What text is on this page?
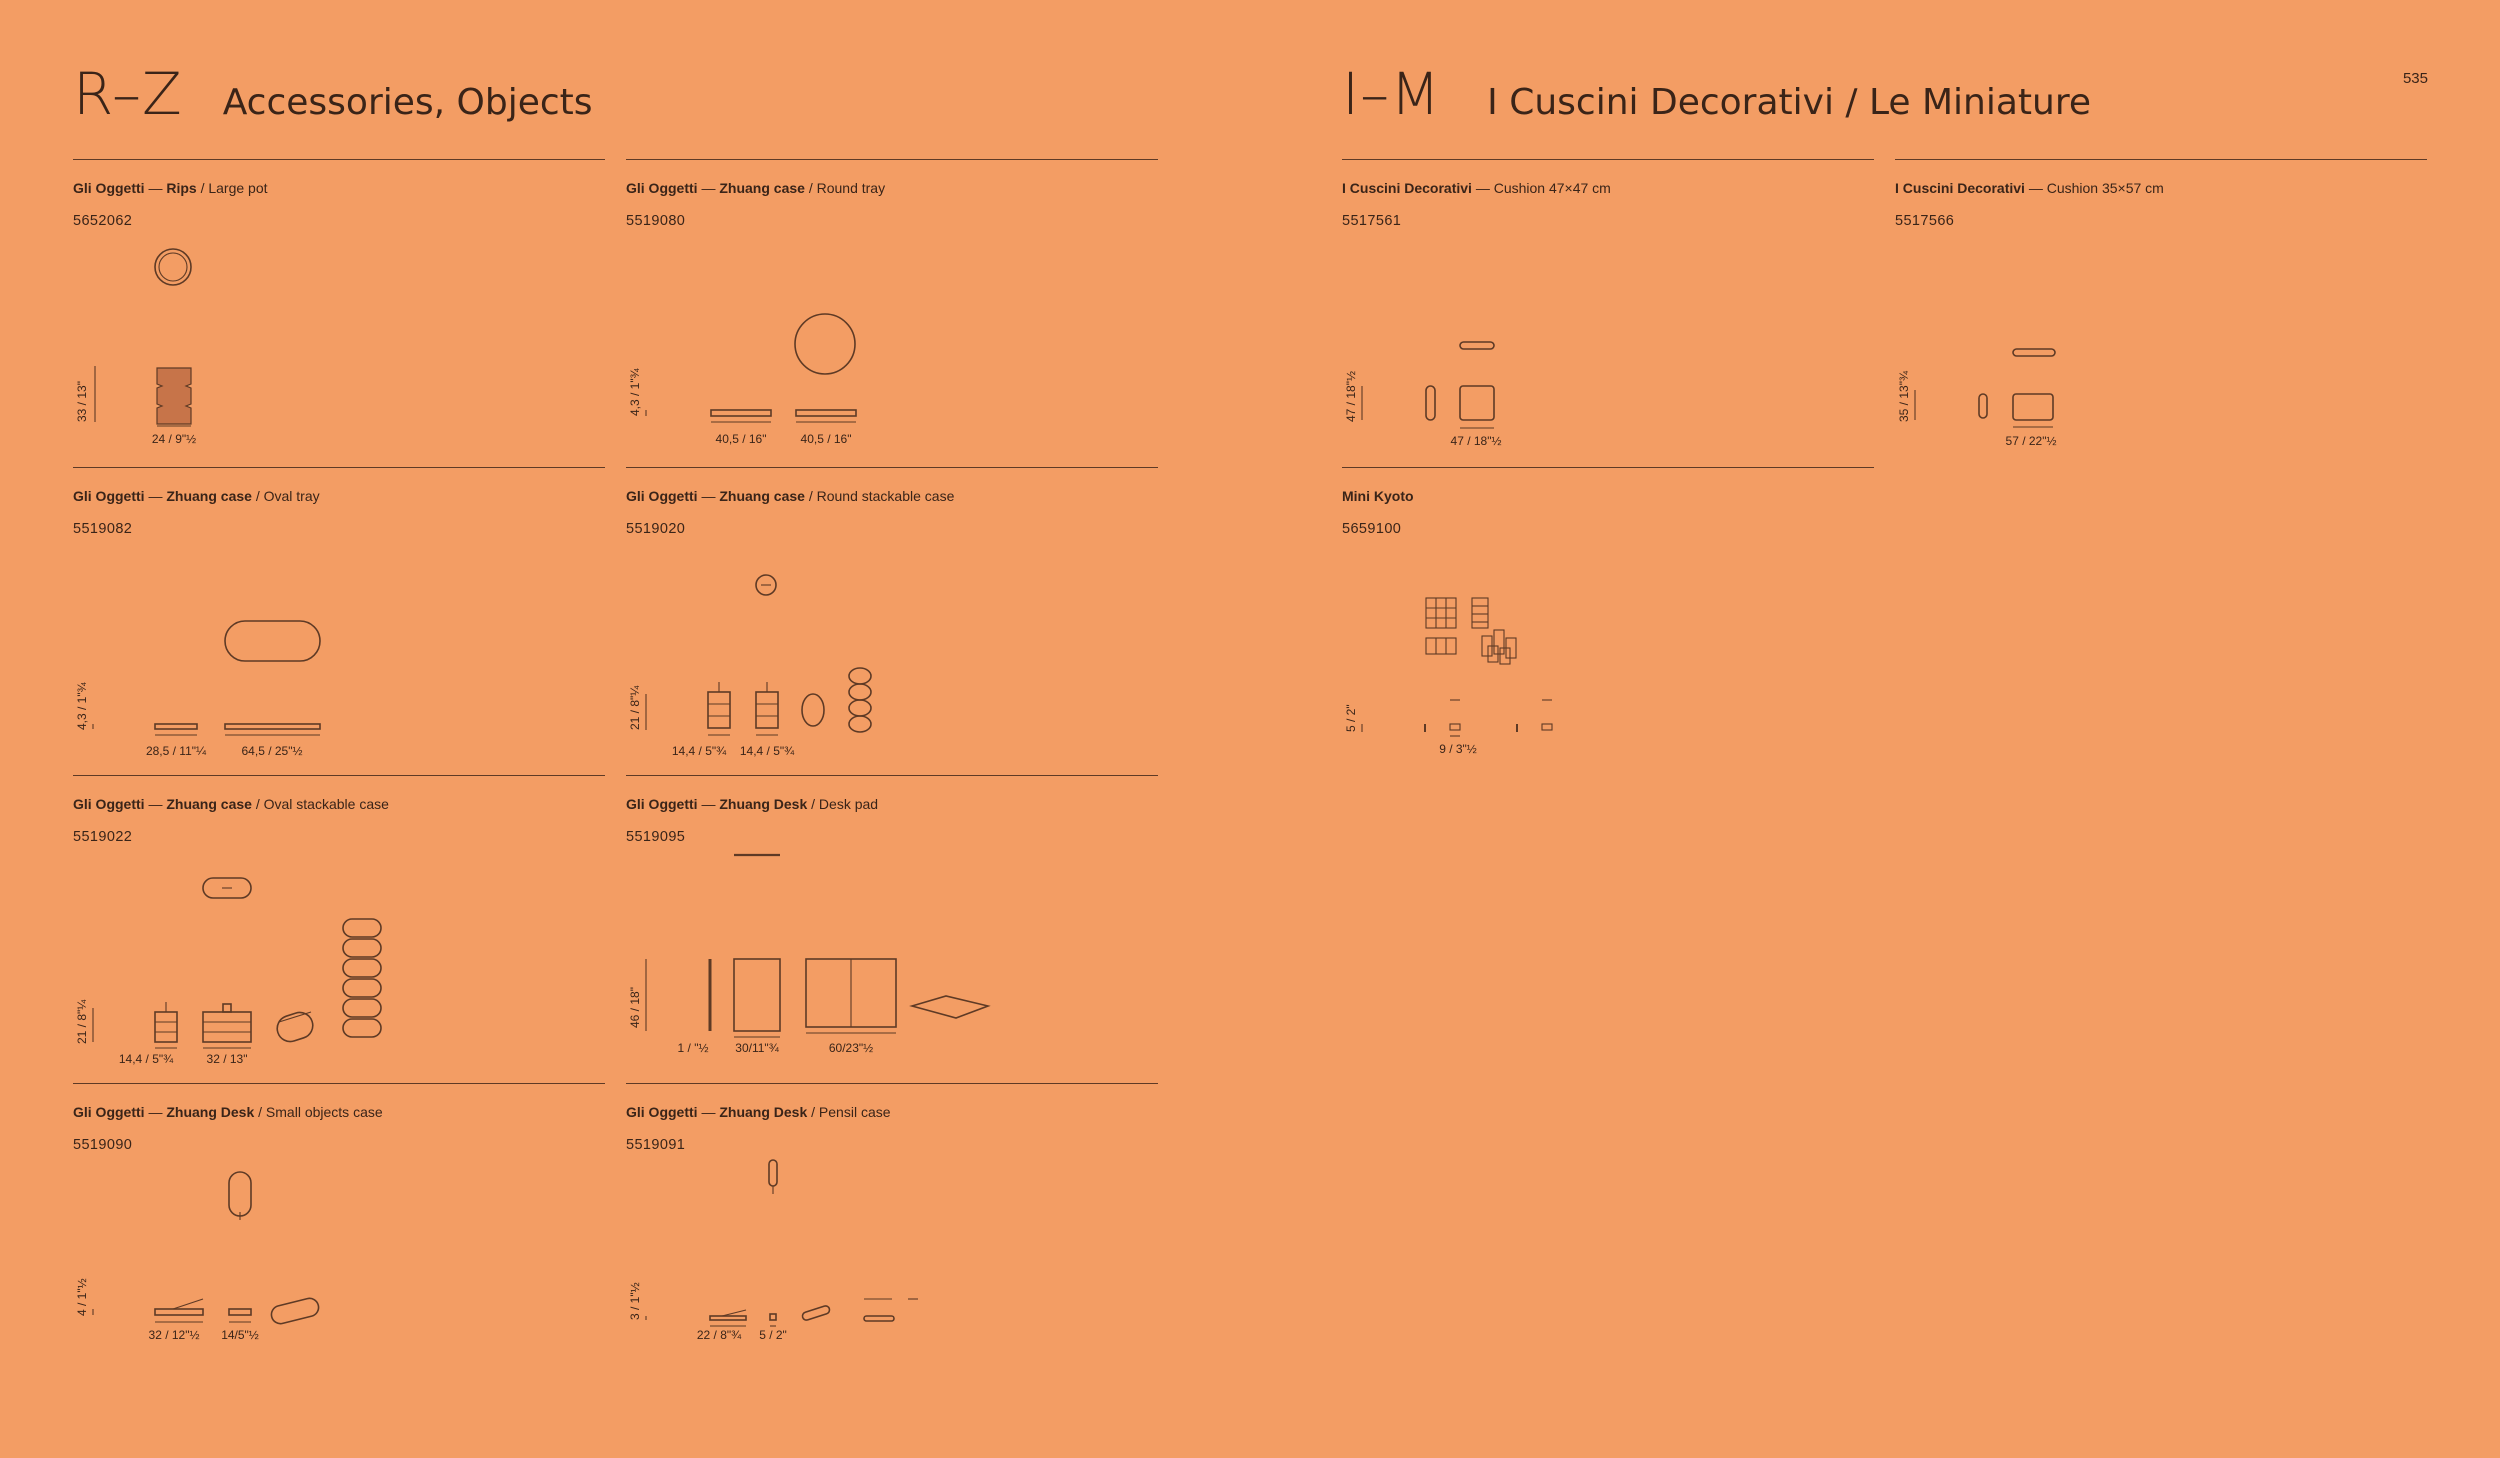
R–Z Accessories, Objects
Gli Oggetti — Rips / Large pot
5652062
33 / 13"
24 / 9"½
Gli Oggetti — Zhuang case / Round tray
5519080
4,3 / 1"¾
40,5 / 16"	40,5 / 16"
Gli Oggetti — Zhuang case / Oval tray
5519082
4,3 / 1"¾
28,5 / 11"¼	64,5 / 25"½
Gli Oggetti — Zhuang case / Round stackable case
5519020
21 / 8"¼
14,4 / 5"¾ 14,4 / 5"¾
Gli Oggetti — Zhuang case / Oval stackable case
5519022
21 / 8"¼
14,4 / 5"¾	32 / 13"
Gli Oggetti — Zhuang Desk / Desk pad
5519095
46 / 18"
1 / "½ 30/11"¾	60/23"½
Gli Oggetti — Zhuang Desk / Small objects case
5519090
4 / 1"½
32 / 12"½ 14/5"½
Gli Oggetti — Zhuang Desk / Pensil case
5519091
3 / 1"½
22 / 8"¾ 5 / 2"
535
I–M I Cuscini Decorativi / Le Miniature
I Cuscini Decorativi — Cushion 47×47 cm
5517561
47 / 18"½
47 / 18"½
I Cuscini Decorativi — Cushion 35×57 cm
5517566
35 / 13"¾
57 / 22"½
Mini Kyoto
5659100
5 / 2"
9 / 3"½
